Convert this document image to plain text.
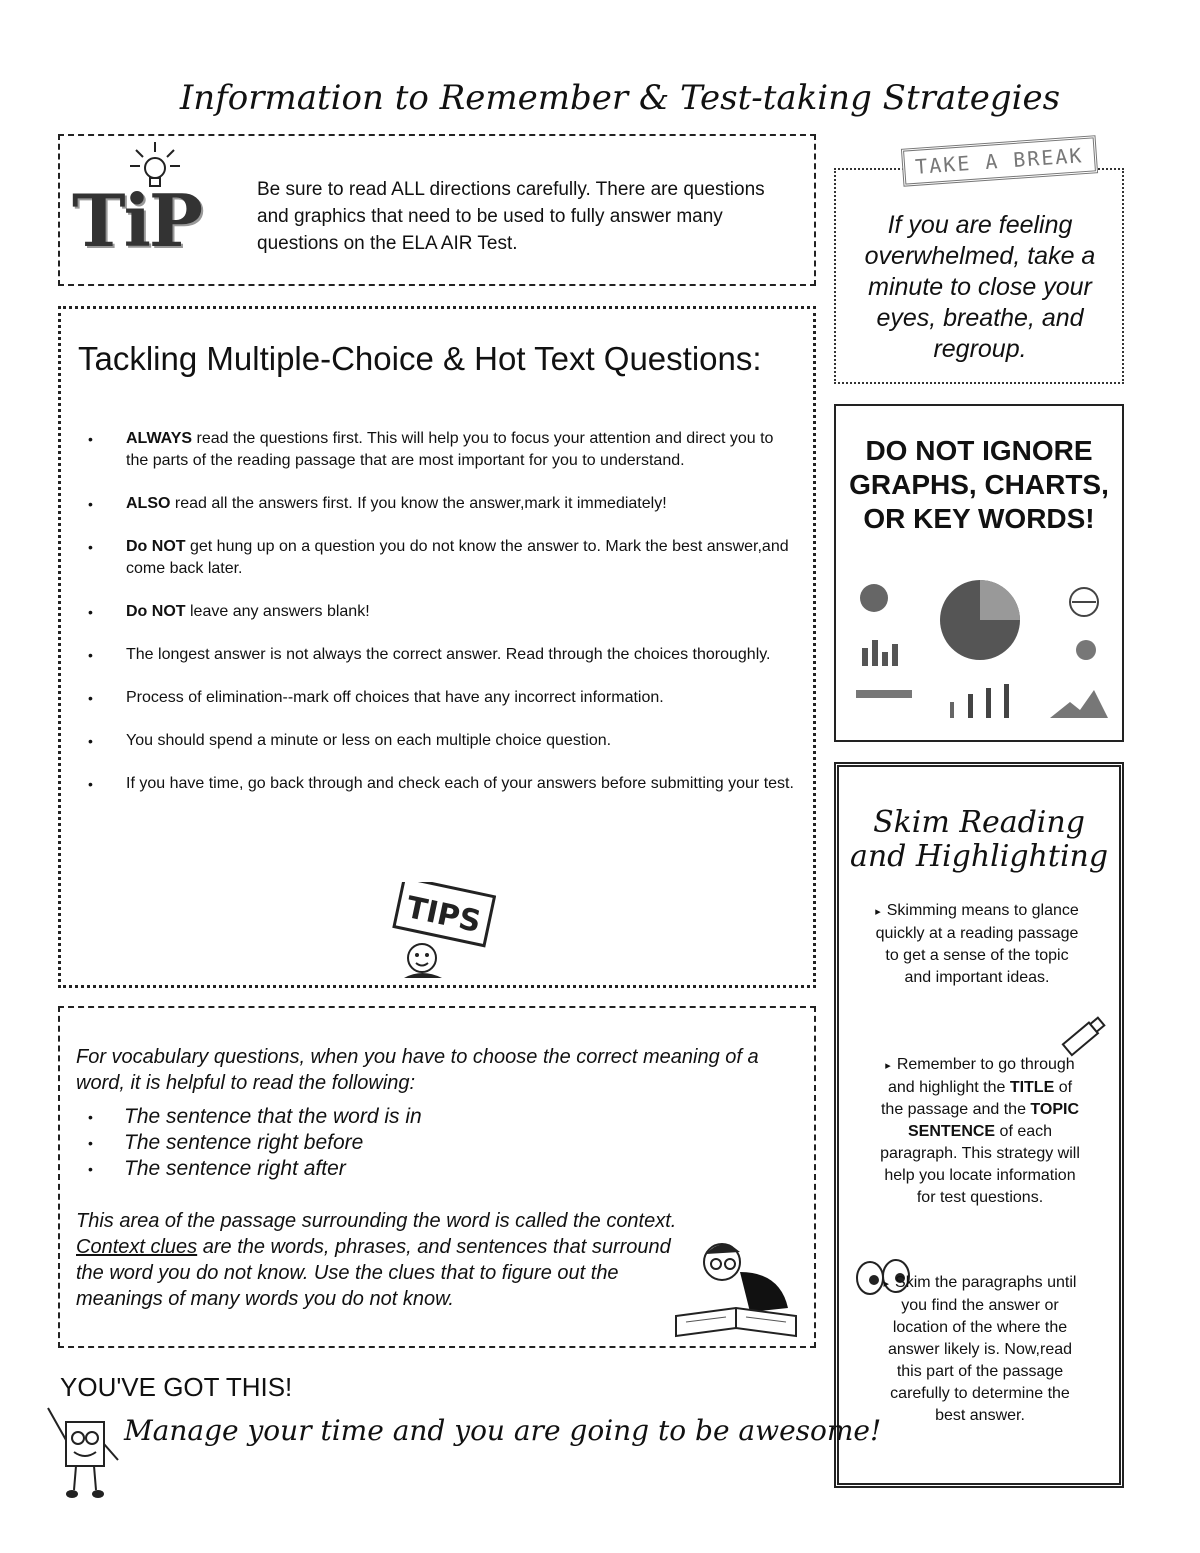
Information to Remember & Test-taking Strategies
TiP	Be sure to read ALL directions carefully. There are questions and graphics that need to be used to fully answer many questions on the ELA AIR Test.
TAKE A BREAK
If you are feeling overwhelmed, take a minute to close your eyes, breathe, and regroup.
Tackling Multiple-Choice & Hot Text Questions:
• ALWAYS read the questions first. This will help you to focus your attention and direct you to the parts of the reading passage that are most important for you to understand.
• ALSO read all the answers first. If you know the answer,mark it immediately!
• Do NOT get hung up on a question you do not know the answer to. Mark the best answer,and come back later.
• Do NOT leave any answers blank!
• The longest answer is not always the correct answer. Read through the choices thoroughly.
• Process of elimination--mark off choices that have any incorrect information.
• You should spend a minute or less on each multiple choice question.
• If you have time, go back through and check each of your answers before submitting your test.
TIPS
DO NOT IGNORE GRAPHS, CHARTS, OR KEY WORDS!
For vocabulary questions, when you have to choose the correct meaning of a word, it is helpful to read the following:
• The sentence that the word is in
• The sentence right before
• The sentence right after
This area of the passage surrounding the word is called the context.
Context clues are the words, phrases, and sentences that surround the word you do not know. Use the clues that to figure out the meanings of many words you do not know.
Skim Reading and Highlighting
▸ Skimming means to glance quickly at a reading passage to get a sense of the topic and important ideas.
▸ Remember to go through and highlight the TITLE of the passage and the TOPIC SENTENCE of each paragraph. This strategy will help you locate information for test questions.
▸ Skim the paragraphs until you find the answer or location of the where the answer likely is. Now,read this part of the passage carefully to determine the best answer.
YOU'VE GOT THIS!
Manage your time and you are going to be awesome!
